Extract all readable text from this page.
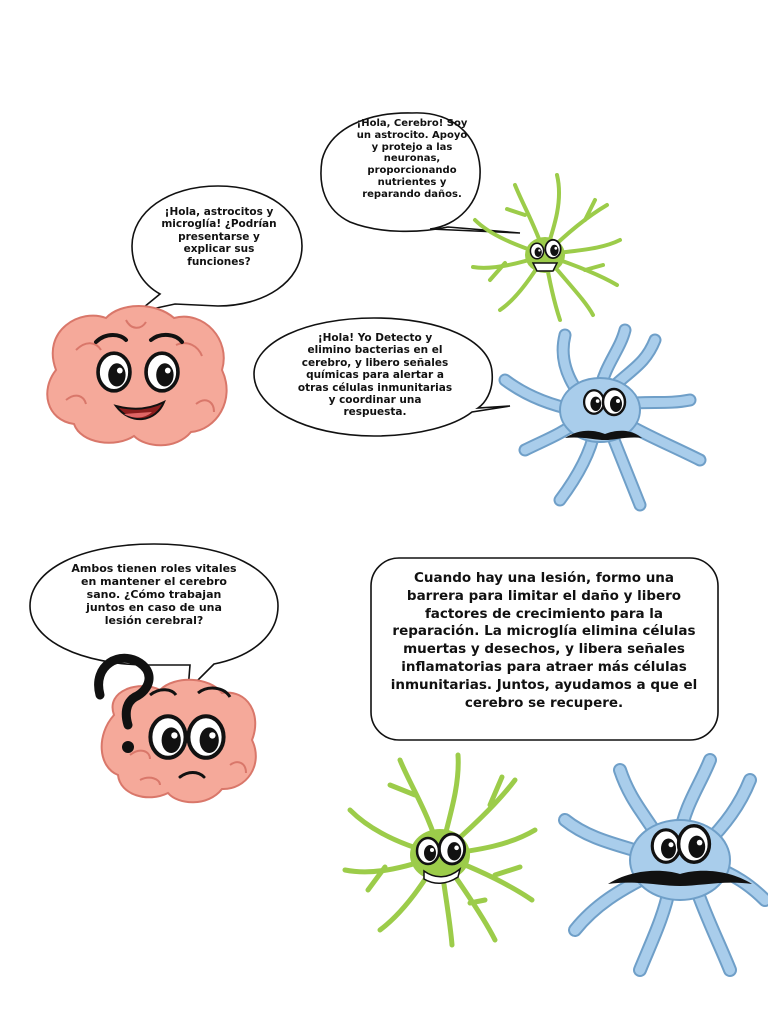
¡Hola, Cerebro! Soy un astrocito. Apoyo y protejo a las neuronas, proporcionando nutrientes y reparando daños.
¡Hola, astrocitos y microglía! ¿Podrían presentarse y explicar sus funciones?
¡Hola! Yo Detecto y elimino bacterias en el cerebro, y libero señales químicas para alertar a otras células inmunitarias y coordinar una respuesta.
Ambos tienen roles vitales en mantener el cerebro sano. ¿Cómo trabajan juntos en caso de una lesión cerebral?
Cuando hay una lesión, formo una barrera para limitar el daño y libero factores de crecimiento para la reparación. La microglía elimina células muertas y desechos, y libera señales inflamatorias para atraer más células inmunitarias. Juntos, ayudamos a que el cerebro se recupere.
